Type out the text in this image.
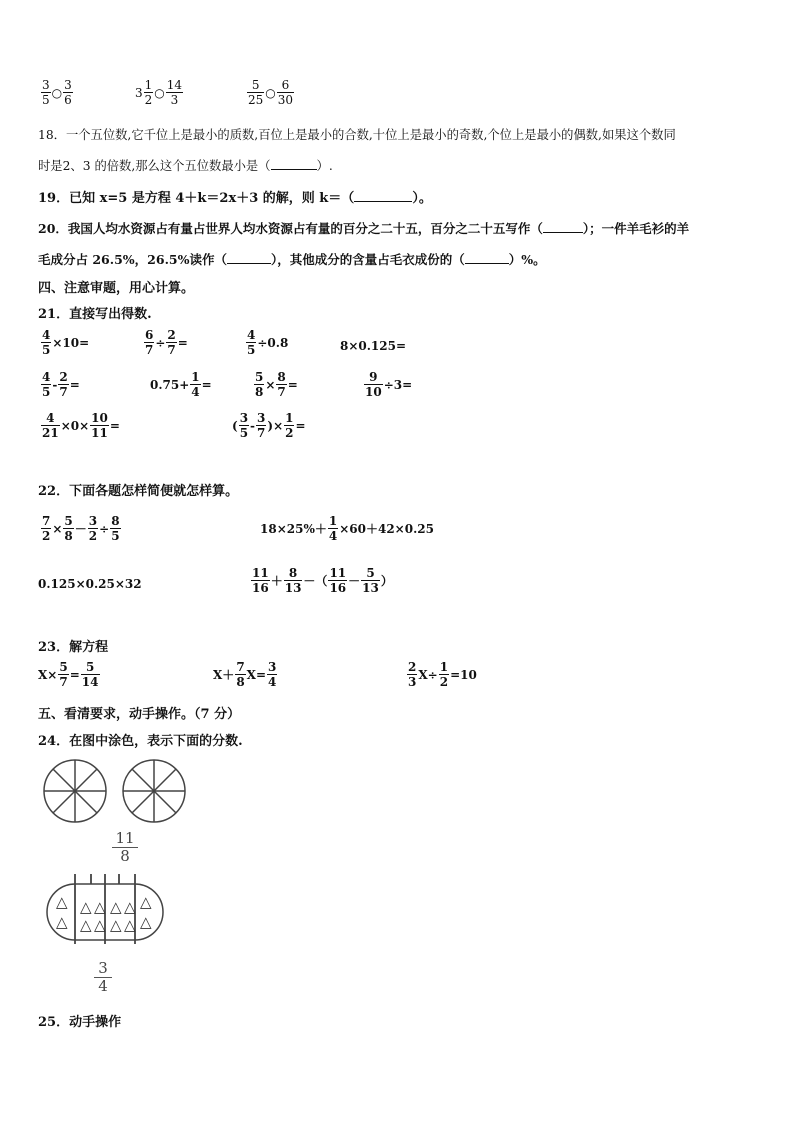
$\frac{3}{5}$ ○ $\frac{3}{6}$	$3 \frac{1}{2}$ ○ $\frac{14}{3}$	$\frac{5}{25}$ ○ $\frac{6}{30}$
18．一个五位数,它千位上是最小的质数,百位上是最小的合数,十位上是最小的奇数,个位上是最小的偶数,如果这个数同
时是2、3 的倍数,那么这个五位数最小是（	）.
19．已知 x=5 是方程 4＋k＝2x＋3 的解，则 k＝（	）。
20．我国人均水资源占有量占世界人均水资源占有量的百分之二十五，百分之二十五写作（	）；一件羊毛衫的羊
毛成分占 26.5%，26.5%读作（	），其他成分的含量占毛衣成份的（	）%。
四、注意审题，用心计算。
21．直接写出得数.
$\frac{4}{5} \times 10=$	$\frac{6}{7} \div \frac{2}{7}$ =	$\frac{4}{5} \div 0.8$	8×0.125=
$\frac{4}{5} - \frac{2}{7}$ =	$0.75+ \frac{1}{4}$ =	$\frac{5}{8} \times \frac{8}{7}$ =	$\frac{9}{10} \div 3=$
$\frac{4}{21} \times 0\times \frac{10}{11}$ =	( $\frac{3}{5} - \frac{3}{7}$ )× $\frac{1}{2}$ =
22．下面各题怎样简便就怎样算。
$\frac{7}{2} \times \frac{5}{8} - \frac{3}{2} \div \frac{8}{5}$	$18\times 25\%+ \frac{1}{4} \times 60+42\times 0.25$
0.125×0.25×32	$\frac{11}{16} + \frac{8}{13}$ －（ $\frac{11}{16} - \frac{5}{13}$ ）
23．解方程
$X\times \frac{5}{7} = \frac{5}{14}$	$X+ \frac{7}{8} X= \frac{3}{4}$	$\frac{2}{3} X\div \frac{1}{2} =10$
五、看清要求，动手操作。（7 分）
24．在图中涂色，表示下面的分数.
11
8
△
△
△
△
△
△
△
△
△
△
△
△
3
4
25．动手操作
